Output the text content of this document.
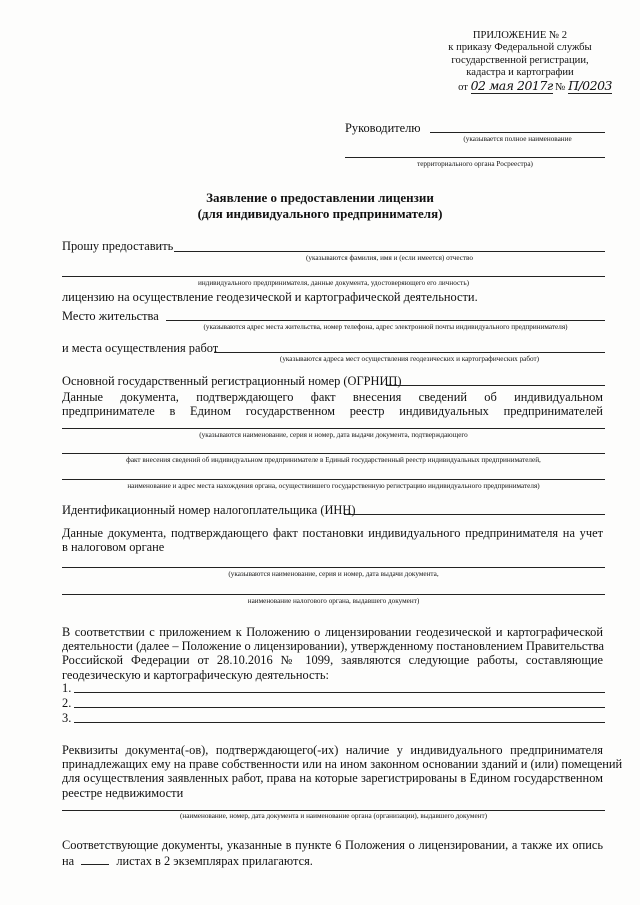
ПРИЛОЖЕНИЕ № 2
к приказу Федеральной службы
государственной регистрации,
кадастра и картографии
от 02 мая 2017г № П/0203
Руководителю
(указывается полное наименование
территориального органа Росреестра)
Заявление о предоставлении лицензии
(для индивидуального предпринимателя)
Прошу предоставить
(указываются фамилия, имя и (если имеется) отчество
индивидуального предпринимателя, данные документа, удостоверяющего его личность)
лицензию на осуществление геодезической и картографической деятельности.
Место жительства
(указываются адрес места жительства, номер телефона, адрес электронной почты индивидуального предпринимателя)
и места осуществления работ
(указываются адреса мест осуществления геодезических и картографических работ)
Основной государственный регистрационный номер (ОГРНИП)
Данные документа, подтверждающего факт внесения сведений об индивидуальном
предпринимателе в Едином государственном реестр индивидуальных предпринимателей
(указываются наименование, серия и номер, дата выдачи документа, подтверждающего
факт внесения сведений об индивидуальном предпринимателе в Единый государственный реестр индивидуальных предпринимателей,
наименование и адрес места нахождения органа, осуществившего государственную регистрацию индивидуального предпринимателя)
Идентификационный номер налогоплательщика (ИНН)
Данные документа, подтверждающего факт постановки индивидуального предпринимателя на учет
в налоговом органе
(указываются наименование, серия и номер, дата выдачи документа,
наименование налогового органа, выдавшего документ)
В соответствии с приложением к Положению о лицензировании геодезической и картографической
деятельности (далее – Положение о лицензировании), утвержденному постановлением Правительства
Российской Федерации от 28.10.2016 № 1099, заявляются следующие работы, составляющие
геодезическую и картографическую деятельность:
1.
2.
3.
Реквизиты документа(-ов), подтверждающего(-их) наличие у индивидуального предпринимателя
принадлежащих ему на праве собственности или на ином законном основании зданий и (или) помещений
для осуществления заявленных работ, права на которые зарегистрированы в Едином государственном
реестре недвижимости
(наименование, номер, дата документа и наименование органа (организации), выдавшего документ)
Соответствующие документы, указанные в пункте 6 Положения о лицензировании, а также их опись
на	листах в 2 экземплярах прилагаются.
